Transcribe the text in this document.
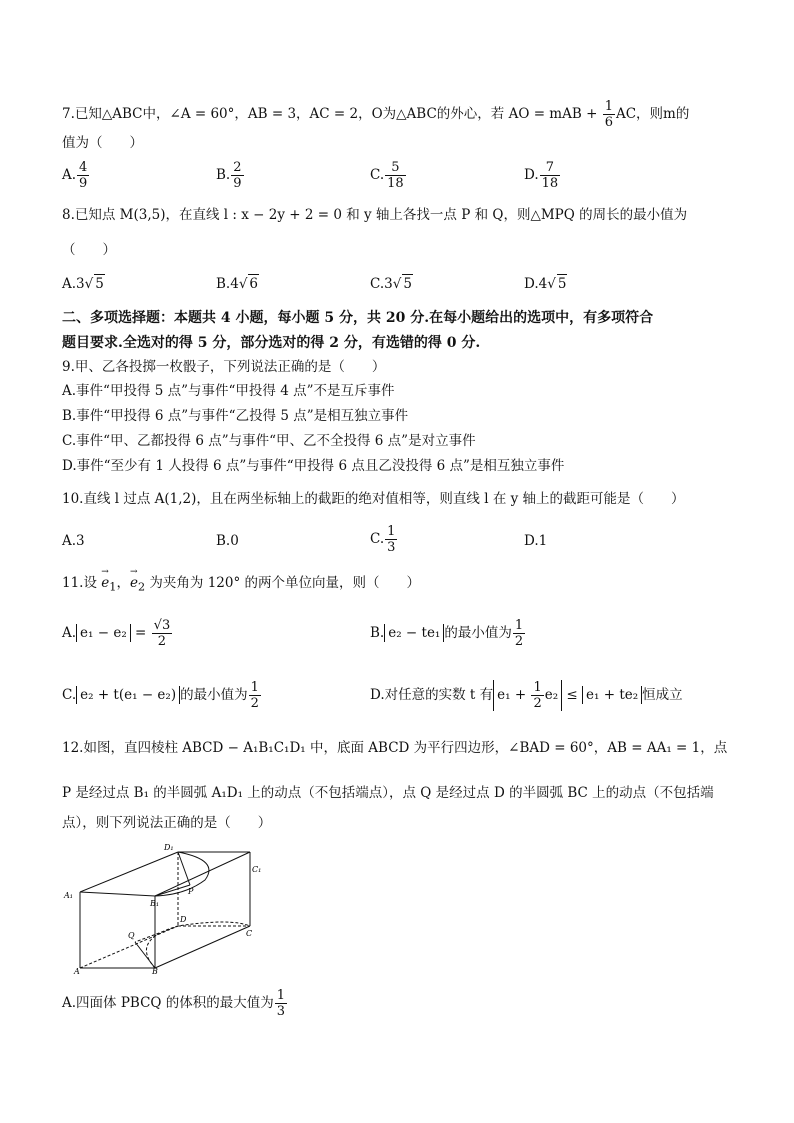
7.已知△ABC中，∠A = 60°，AB = 3，AC = 2，O为△ABC的外心，若 AO = mAB + $\frac{1}{6}$ AC，则m的
值为（　　）
A. $\frac{4}{9}$	B. $\frac{2}{9}$	C. $\frac{5}{18}$	D. $\frac{7}{18}$
8.已知点 M(3,5)，在直线 l : x − 2y + 2 = 0 和 y 轴上各找一点 P 和 Q，则△MPQ 的周长的最小值为
（　　）
A.3√ 5	B.4√ 6	C.3√ 5	D.4√ 5
二、多项选择题：本题共 4 小题，每小题 5 分，共 20 分.在每小题给出的选项中，有多项符合
题目要求.全选对的得 5 分，部分选对的得 2 分，有选错的得 0 分.
9.甲、乙各投掷一枚骰子，下列说法正确的是（　　）
A.事件“甲投得 5 点”与事件“甲投得 4 点”不是互斥事件
B.事件“甲投得 6 点”与事件“乙投得 5 点”是相互独立事件
C.事件“甲、乙都投得 6 点”与事件“甲、乙不全投得 6 点”是对立事件
D.事件“至少有 1 人投得 6 点”与事件“甲投得 6 点且乙没投得 6 点”是相互独立事件
10.直线 l 过点 A(1,2)，且在两坐标轴上的截距的绝对值相等，则直线 l 在 y 轴上的截距可能是（　　）
A.3	B.0	C. $\frac{1}{3}$	D.1
11.设 → $e_1$，→ $e_2$ 为夹角为 120° 的两个单位向量，则（　　）
A. $e_1 - e_2 = \frac{√3}{2}$	B. e₂ − te₁ 的最小值为 $\frac{1}{2}$
C. e₂ + t(e₁ − e₂) 的最小值为 $\frac{1}{2}$	D.对任意的实数 t 有 $e_1 + \frac{1}{2} e_2 \le e_1 + te_2$ 恒成立
12.如图，直四棱柱 ABCD − A₁B₁C₁D₁ 中，底面 ABCD 为平行四边形，∠BAD = 60°，AB = AA₁ = 1，点
P 是经过点 B₁ 的半圆弧 A₁D₁ 上的动点（不包括端点），点 Q 是经过点 D 的半圆弧 BC 上的动点（不包括端
点），则下列说法正确的是（　　）
D₁
C₁
A₁
B₁
P
D
Q	C
A	B
A.四面体 PBCQ 的体积的最大值为 $\frac{1}{3}$
